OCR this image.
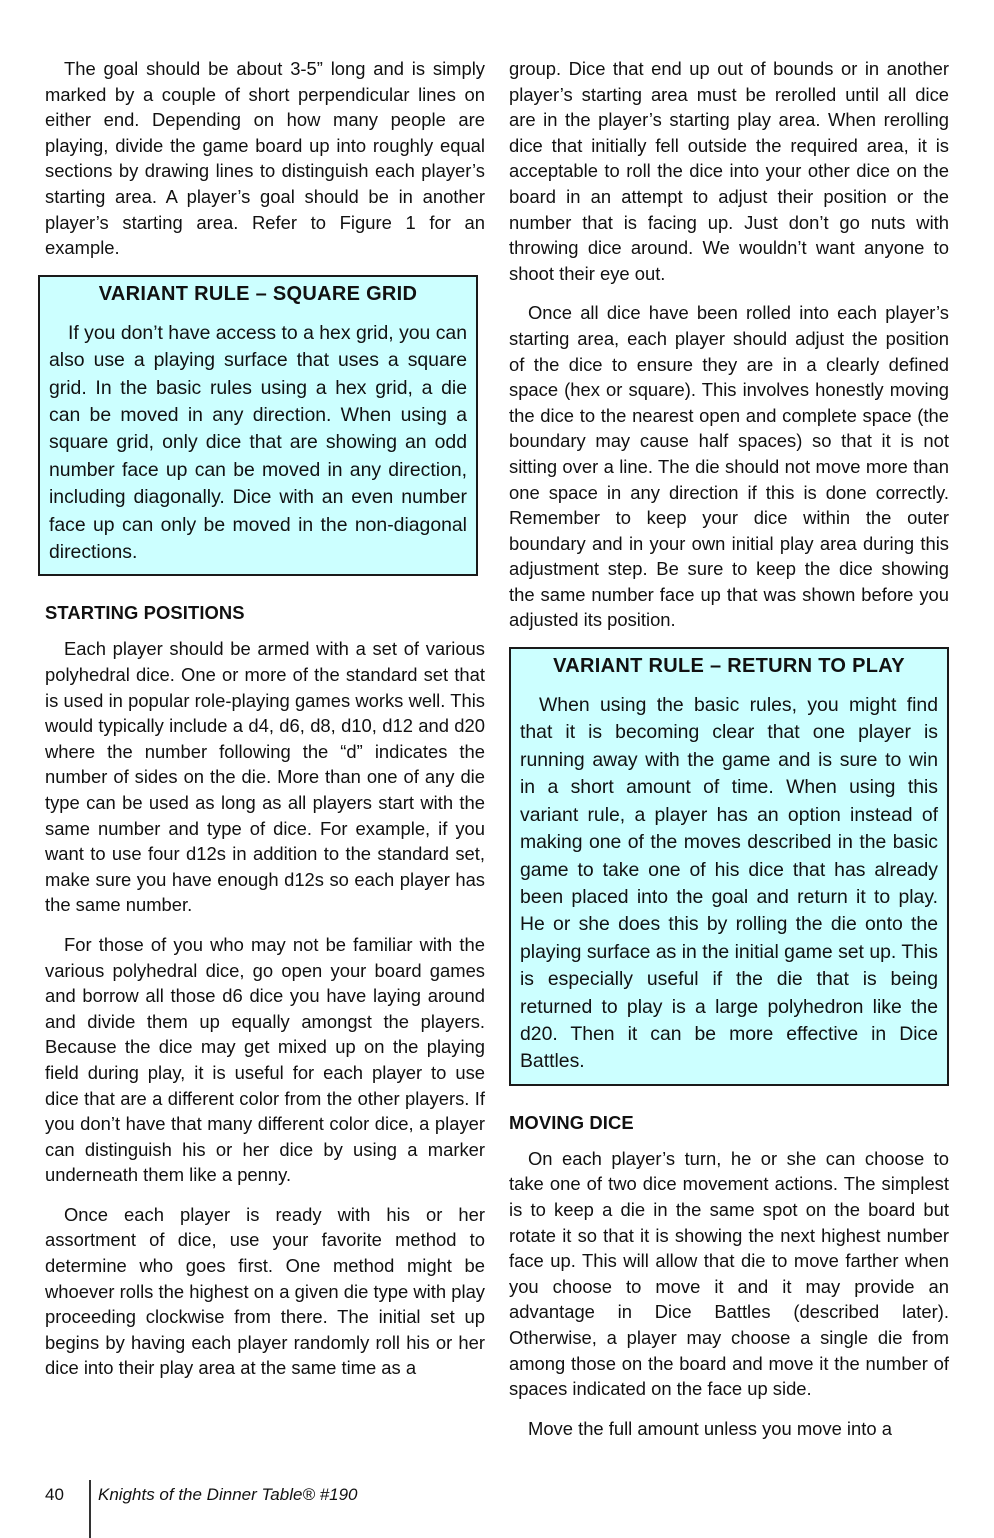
The goal should be about 3-5” long and is simply marked by a couple of short perpendicular lines on either end. Depending on how many people are playing, divide the game board up into roughly equal sections by drawing lines to distinguish each player’s starting area. A player’s goal should be in another player’s starting area. Refer to Figure 1 for an example.

VARIANT RULE – SQUARE GRID

If you don’t have access to a hex grid, you can also use a playing surface that uses a square grid. In the basic rules using a hex grid, a die can be moved in any direction. When using a square grid, only dice that are showing an odd number face up can be moved in any direction, including diagonally. Dice with an even number face up can only be moved in the non-diagonal directions.

STARTING POSITIONS

Each player should be armed with a set of various polyhedral dice. One or more of the standard set that is used in popular role-playing games works well. This would typically include a d4, d6, d8, d10, d12 and d20 where the number following the “d” indicates the number of sides on the die. More than one of any die type can be used as long as all players start with the same number and type of dice. For example, if you want to use four d12s in addition to the standard set, make sure you have enough d12s so each player has the same number.

For those of you who may not be familiar with the various polyhedral dice, go open your board games and borrow all those d6 dice you have laying around and divide them up equally amongst the players. Because the dice may get mixed up on the playing field during play, it is useful for each player to use dice that are a different color from the other players. If you don’t have that many different color dice, a player can distinguish his or her dice by using a marker underneath them like a penny.

Once each player is ready with his or her assortment of dice, use your favorite method to determine who goes first. One method might be whoever rolls the highest on a given die type with play proceeding clockwise from there. The initial set up begins by having each player randomly roll his or her dice into their play area at the same time as a

group. Dice that end up out of bounds or in another player’s starting area must be rerolled until all dice are in the player’s starting play area. When rerolling dice that initially fell outside the required area, it is acceptable to roll the dice into your other dice on the board in an attempt to adjust their position or the number that is facing up. Just don’t go nuts with throwing dice around. We wouldn’t want anyone to shoot their eye out.

Once all dice have been rolled into each player’s starting area, each player should adjust the position of the dice to ensure they are in a clearly defined space (hex or square). This involves honestly moving the dice to the nearest open and complete space (the boundary may cause half spaces) so that it is not sitting over a line. The die should not move more than one space in any direction if this is done correctly. Remember to keep your dice within the outer boundary and in your own initial play area during this adjustment step. Be sure to keep the dice showing the same number face up that was shown before you adjusted its position.

VARIANT RULE – RETURN TO PLAY

When using the basic rules, you might find that it is becoming clear that one player is running away with the game and is sure to win in a short amount of time. When using this variant rule, a player has an option instead of making one of the moves described in the basic game to take one of his dice that has already been placed into the goal and return it to play. He or she does this by rolling the die onto the playing surface as in the initial game set up. This is especially useful if the die that is being returned to play is a large polyhedron like the d20. Then it can be more effective in Dice Battles.

MOVING DICE

On each player’s turn, he or she can choose to take one of two dice movement actions. The simplest is to keep a die in the same spot on the board but rotate it so that it is showing the next highest number face up. This will allow that die to move farther when you choose to move it and it may provide an advantage in Dice Battles (described later). Otherwise, a player may choose a single die from among those on the board and move it the number of spaces indicated on the face up side.

Move the full amount unless you move into a

40 Knights of the Dinner Table® #190
